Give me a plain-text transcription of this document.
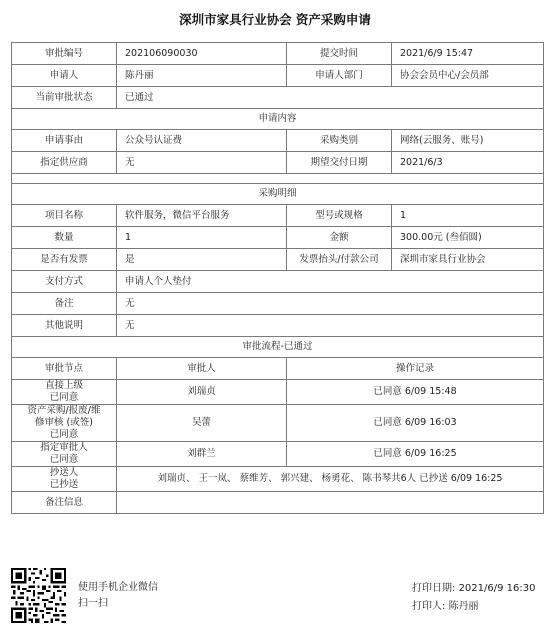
深圳市家具行业协会 资产采购申请
审批编号	202106090030	提交时间	2021/6/9 15:47
申请人	陈丹丽	申请人部门	协会会员中心/会员部
当前审批状态	已通过		
申请内容			
申请事由	公众号认证费	采购类别	网络(云服务、账号)
指定供应商	无	期望交付日期	2021/6/3

采购明细			
项目名称	软件服务，微信平台服务	型号或规格	1
数量	1	金额	300.00元 (叁佰圆)
是否有发票	是	发票抬头/付款公司	深圳市家具行业协会
支付方式	申请人个人垫付		
备注	无		
其他说明	无		
审批流程-已通过			
审批节点	审批人	操作记录	

直接上级
已同意	刘瑞贞	已同意 6/09 15:48	

资产采购/报废/维
修审核 (或签)
已同意	吴蕾	已同意 6/09 16:03	

指定审批人
已同意	刘群兰	已同意 6/09 16:25	

抄送人
已抄送	刘瑞贞、 王一岚、 蔡维芳、 郭兴建、 杨勇花、 陈书琴共6人 已抄送 6/09 16:25		
备注信息			
使用手机企业微信
扫一扫
打印日期: 2021/6/9 16:30
打印人: 陈丹丽
